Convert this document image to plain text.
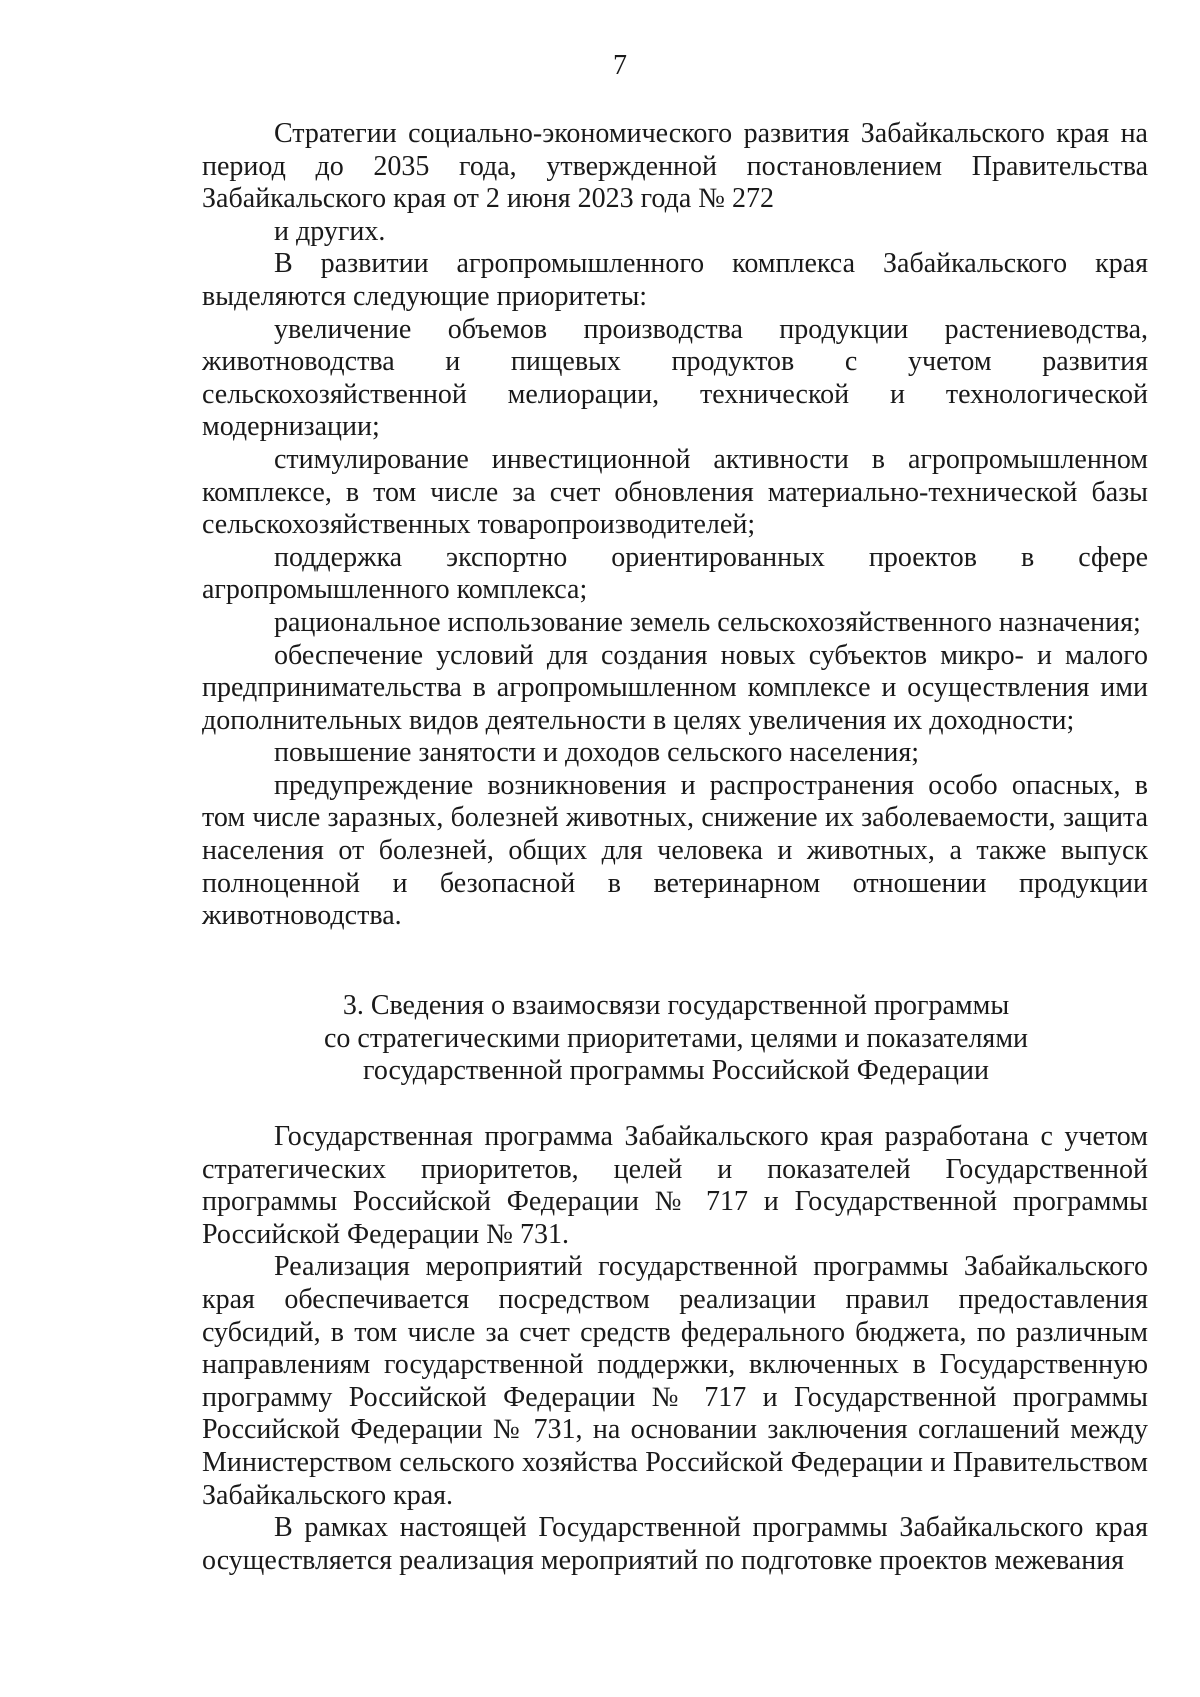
7

Стратегии социально-экономического развития Забайкальского края на период до 2035 года, утвержденной постановлением Правительства Забайкальского края от 2 июня 2023 года № 272

и других.

В развитии агропромышленного комплекса Забайкальского края выделяются следующие приоритеты:

увеличение объемов производства продукции растениеводства, животноводства и пищевых продуктов с учетом развития сельскохозяйственной мелиорации, технической и технологической модернизации;

стимулирование инвестиционной активности в агропромышленном комплексе, в том числе за счет обновления материально-технической базы сельскохозяйственных товаропроизводителей;

поддержка экспортно ориентированных проектов в сфере агропромышленного комплекса;

рациональное использование земель сельскохозяйственного назначения;

обеспечение условий для создания новых субъектов микро- и малого предпринимательства в агропромышленном комплексе и осуществления ими дополнительных видов деятельности в целях увеличения их доходности;

повышение занятости и доходов сельского населения;

предупреждение возникновения и распространения особо опасных, в том числе заразных, болезней животных, снижение их заболеваемости, защита населения от болезней, общих для человека и животных, а также выпуск полноценной и безопасной в ветеринарном отношении продукции животноводства.

3. Сведения о взаимосвязи государственной программы
со стратегическими приоритетами, целями и показателями
государственной программы Российской Федерации

Государственная программа Забайкальского края разработана с учетом стратегических приоритетов, целей и показателей Государственной программы Российской Федерации № 717 и Государственной программы Российской Федерации № 731.

Реализация мероприятий государственной программы Забайкальского края обеспечивается посредством реализации правил предоставления субсидий, в том числе за счет средств федерального бюджета, по различным направлениям государственной поддержки, включенных в Государственную программу Российской Федерации № 717 и Государственной программы Российской Федерации № 731, на основании заключения соглашений между Министерством сельского хозяйства Российской Федерации и Правительством Забайкальского края.

В рамках настоящей Государственной программы Забайкальского края осуществляется реализация мероприятий по подготовке проектов межевания
